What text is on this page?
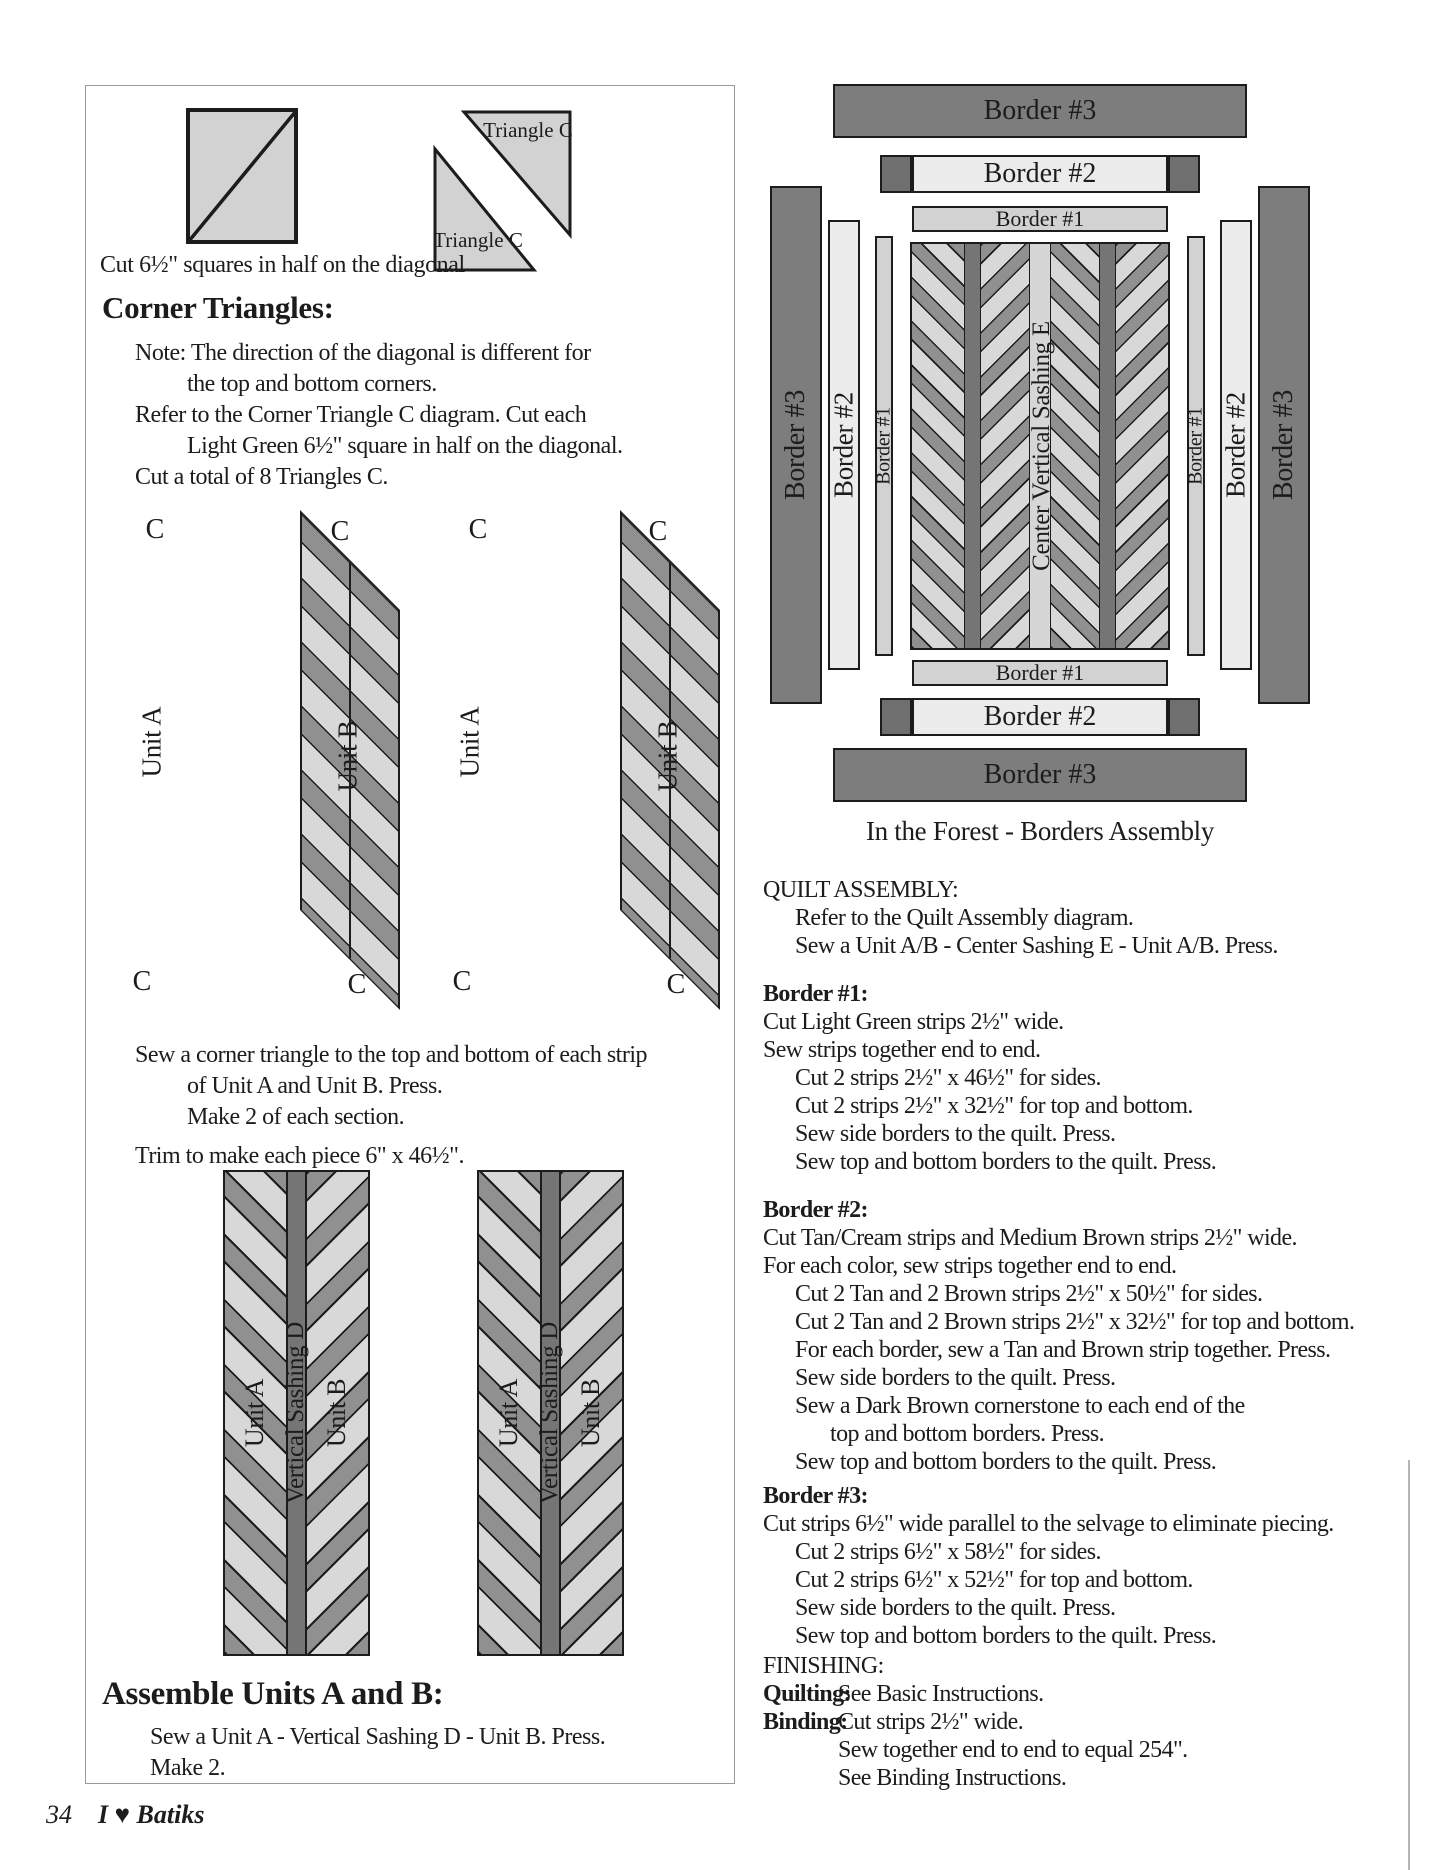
Triangle C
Triangle C
Cut 6½" squares in half on the diagonal
Corner Triangles:
Note: The direction of the diagonal is different for
the top and bottom corners.
Refer to the Corner Triangle C diagram. Cut each
Light Green 6½" square in half on the diagonal.
Cut a total of 8 Triangles C.
C	C	C	C
C	C	C	C
Unit A	Unit A
Unit B	Unit B
Sew a corner triangle to the top and bottom of each strip
of Unit A and Unit B. Press.
Make 2 of each section.
Trim to make each piece 6" x 46½".
Unit A Vertical Sashing D Unit B	Unit A Vertical Sashing D Unit B
Assemble Units A and B:
Sew a Unit A - Vertical Sashing D - Unit B. Press.
Make 2.
Border #3
Border #2
Border #1
Border #3 Border #2 Border #1	Border #3
Border #2
Border #1
Center Vertical Sashing E
Border #1
Border #2
Border #3
In the Forest - Borders Assembly
QUILT ASSEMBLY:
Refer to the Quilt Assembly diagram.
Sew a Unit A/B - Center Sashing E - Unit A/B. Press.
Border #1:
Cut Light Green strips 2½" wide.
Sew strips together end to end.
Cut 2 strips 2½" x 46½" for sides.
Cut 2 strips 2½" x 32½" for top and bottom.
Sew side borders to the quilt. Press.
Sew top and bottom borders to the quilt. Press.
Border #2:
Cut Tan/Cream strips and Medium Brown strips 2½" wide.
For each color, sew strips together end to end.
Cut 2 Tan and 2 Brown strips 2½" x 50½" for sides.
Cut 2 Tan and 2 Brown strips 2½" x 32½" for top and bottom.
For each border, sew a Tan and Brown strip together. Press.
Sew side borders to the quilt. Press.
Sew a Dark Brown cornerstone to each end of the
top and bottom borders. Press.
Sew top and bottom borders to the quilt. Press.
Border #3:
Cut strips 6½" wide parallel to the selvage to eliminate piecing.
Cut 2 strips 6½" x 58½" for sides.
Cut 2 strips 6½" x 52½" for top and bottom.
Sew side borders to the quilt. Press.
Sew top and bottom borders to the quilt. Press.
FINISHING:
Quilting:
See Basic Instructions.
Binding:
Cut strips 2½" wide.
Sew together end to end to equal 254".
See Binding Instructions.
34 I ♥ Batiks
